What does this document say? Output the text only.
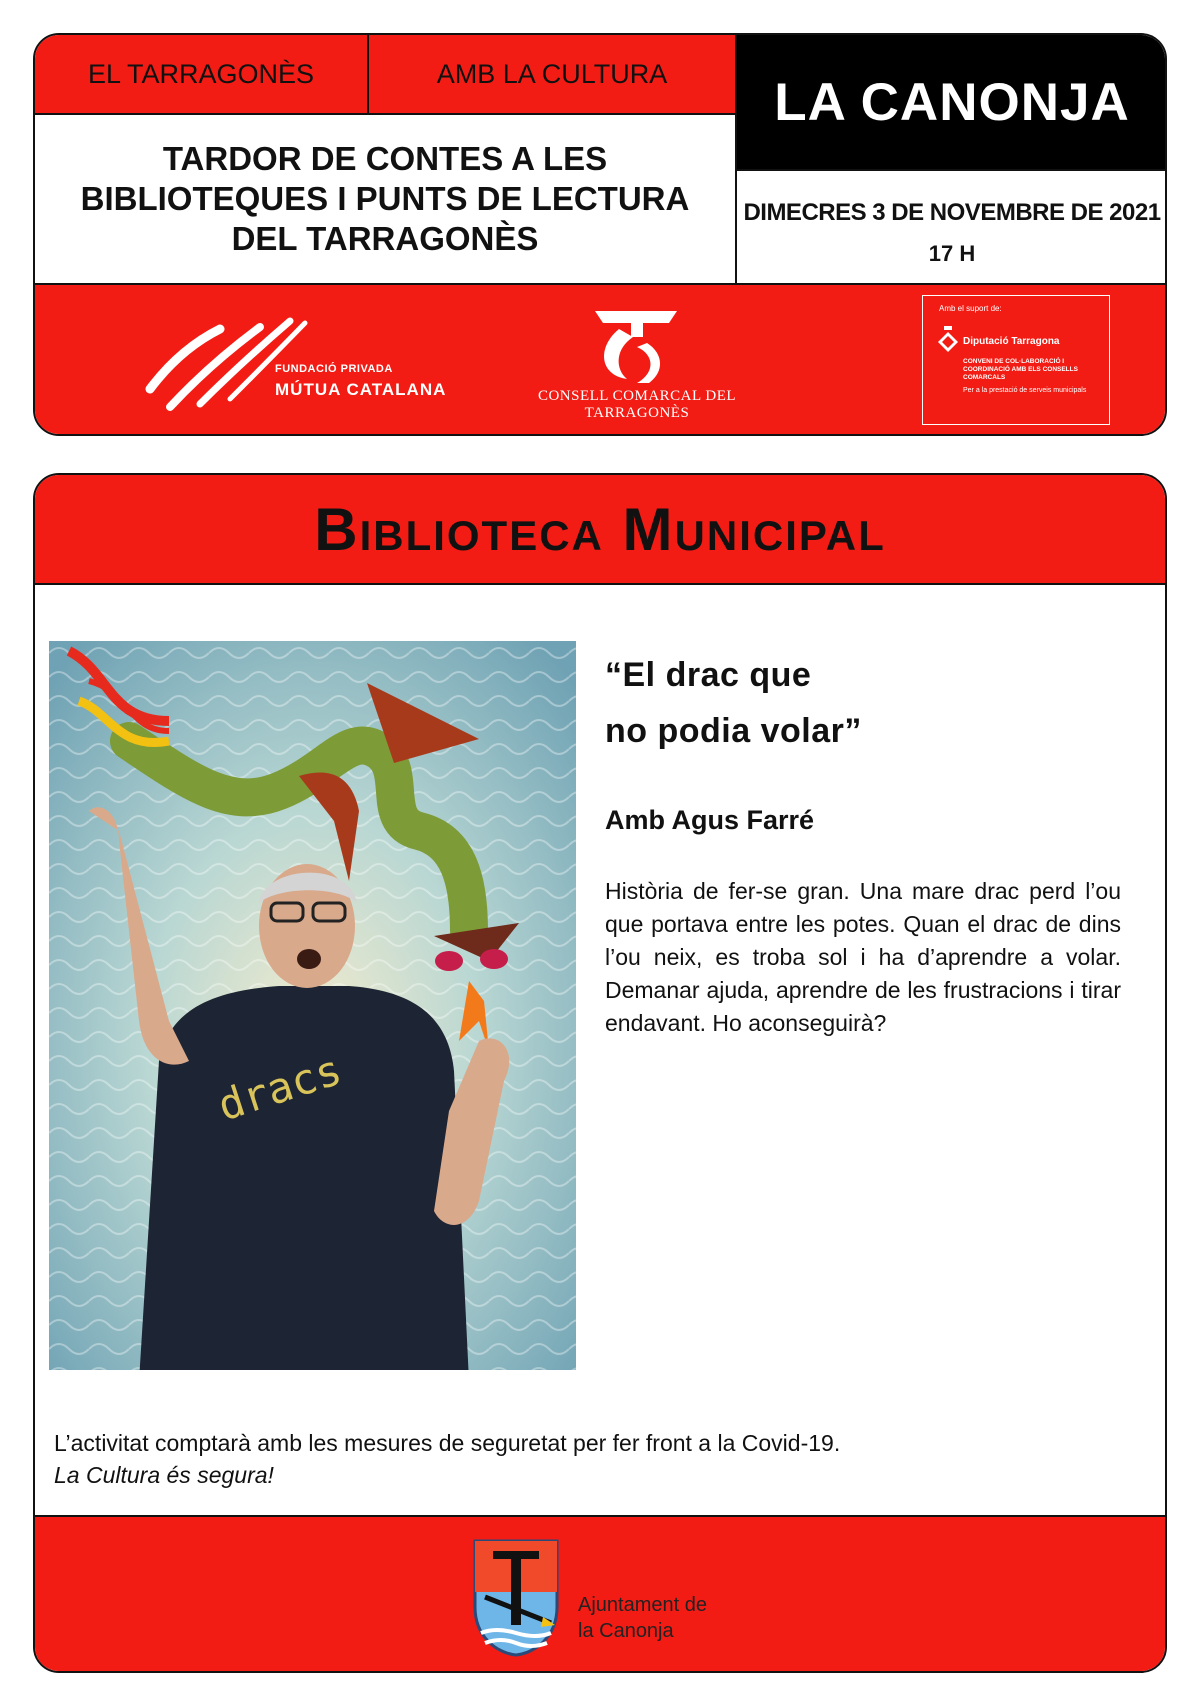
EL TARRAGONÈS	AMB LA CULTURA	LA CANONJA
TARDOR DE CONTES A LES BIBLIOTEQUES I PUNTS DE LECTURA DEL TARRAGONÈS
DIMECRES 3 DE NOVEMBRE DE 2021
17 H
FUNDACIÓ PRIVADA
MÚTUA CATALANA	CONSELL COMARCAL DEL TARRAGONÈS
Amb el suport de:
Diputació Tarragona
CONVENI DE COL·LABORACIÓ I COORDINACIÓ AMB ELS CONSELLS COMARCALS
Per a la prestació de serveis municipals
Biblioteca Municipal
dracs
“El drac que
no podia volar”
Amb Agus Farré
Història de fer-se gran. Una mare drac perd l’ou que portava entre les potes. Quan el drac de dins l’ou neix, es troba sol i ha d’aprendre a volar. Demanar ajuda, aprendre de les frustracions i tirar endavant. Ho aconseguirà?
L’activitat comptarà amb les mesures de seguretat per fer front a la Covid-19.
La Cultura és segura!
Ajuntament de
la Canonja
